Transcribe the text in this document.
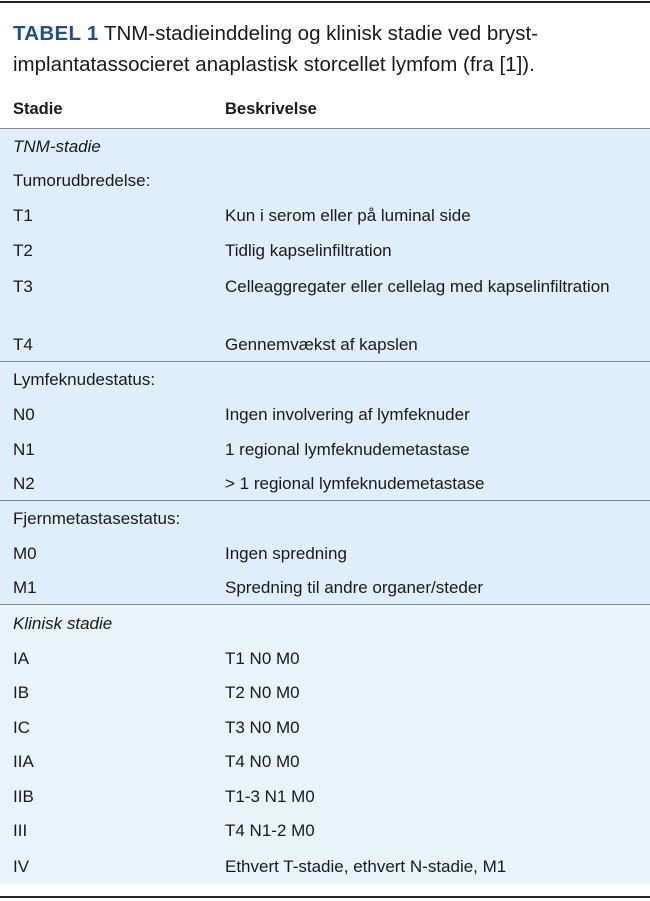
TABEL 1 TNM-stadieinddeling og klinisk stadie ved bryst-implantatassocieret anaplastisk storcellet lymfom (fra [1]).
Stadie	Beskrivelse
TNM-stadie
Tumorudbredelse:
T1	Kun i serom eller på luminal side
T2	Tidlig kapselinfiltration
T3	Celleaggregater eller cellelag med kapselinfiltration
T4	Gennemvækst af kapslen
Lymfeknudestatus:
N0	Ingen involvering af lymfeknuder
N1	1 regional lymfeknudemetastase
N2	> 1 regional lymfeknudemetastase
Fjernmetastasestatus:
M0	Ingen spredning
M1	Spredning til andre organer/steder
Klinisk stadie
IA	T1 N0 M0
IB	T2 N0 M0
IC	T3 N0 M0
IIA	T4 N0 M0
IIB	T1-3 N1 M0
III	T4 N1-2 M0
IV	Ethvert T-stadie, ethvert N-stadie, M1
